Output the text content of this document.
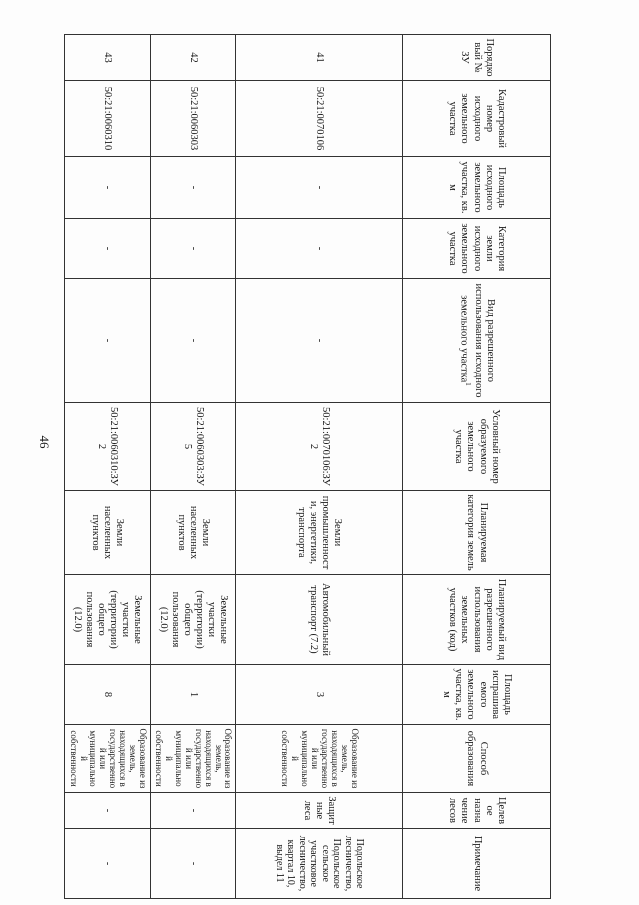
46
Порядковый № ЗУ	Кадастровый номер исходного земельного участка	Площадь исходного земельного участка, кв. м	Категория земли исходного земельного участка	Вид разрешенного использования исходного земельного участка$^1$	Условный номер образуемого земельного участка	Планируемая категория земель	Планируемый вид разрешенного использования земельных участков (код)	Площадь испрашиваемого земельного участка, кв. м	Способ образования	Целевое назначение лесов	Примечание
41	50:21:0070106	-	-	-	50:21:0070106:ЗУ2	Земли промышленности, энергетики, транспорта	Автомобильный транспорт (7.2)	3	Образование из земель, находящихся в государственной или муниципальной собственности	Защитные леса	Подольское лесничество, Подольское сельское участковое лесничество, квартал 10, выдел 11
42	50:21:0060303	-	-	-	50:21:0060303:ЗУ5	Земли населенных пунктов	Земельные участки (территории) общего пользования (12.0)	1	Образование из земель, находящихся в государственной или муниципальной собственности	-	-
43	50:21:0060310	-	-	-	50:21:0060310:ЗУ2	Земли населенных пунктов	Земельные участки (территории) общего пользования (12.0)	8	Образование из земель, находящихся в государственной или муниципальной собственности	-	-
